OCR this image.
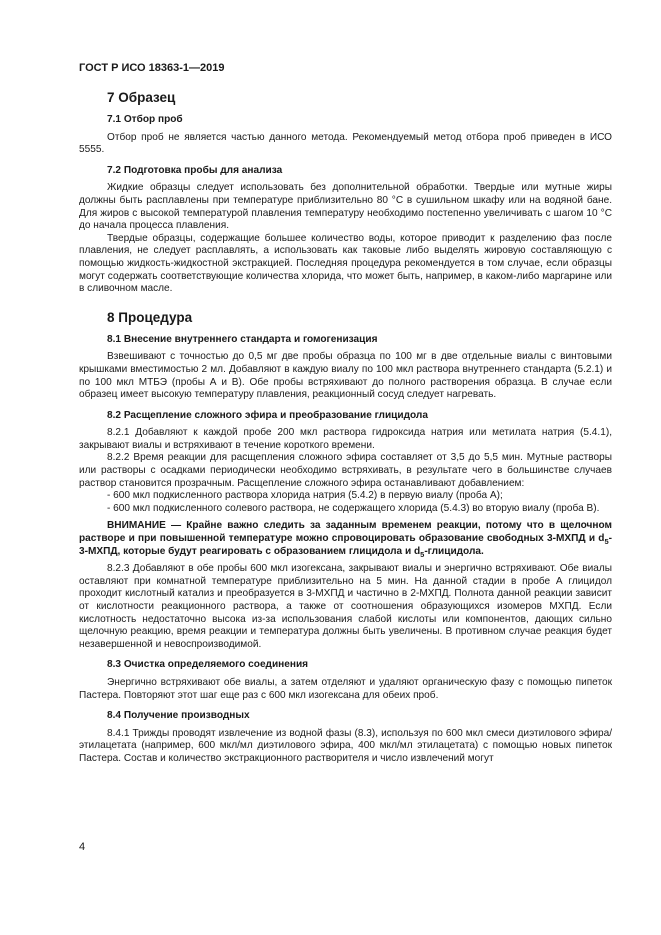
ГОСТ Р ИСО 18363-1—2019
7 Образец
7.1 Отбор проб

Отбор проб не является частью данного метода. Рекомендуемый метод отбора проб приведен в ИСО 5555.

7.2 Подготовка пробы для анализа

Жидкие образцы следует использовать без дополнительной обработки. Твердые или мутные жиры должны быть расплавлены при температуре приблизительно 80 °С в сушильном шкафу или на водяной бане. Для жиров с высокой температурой плавления температуру необходимо постепенно увеличивать с шагом 10 °С до начала процесса плавления.

Твердые образцы, содержащие большее количество воды, которое приводит к разделению фаз после плавления, не следует расплавлять, а использовать как таковые либо выделять жировую составляющую с помощью жидкость-жидкостной экстракцией. Последняя процедура рекомендуется в том случае, если образцы могут содержать соответствующие количества хлорида, что может быть, например, в каком-либо маргарине или в сливочном масле.

8 Процедура
8.1 Внесение внутреннего стандарта и гомогенизация

Взвешивают с точностью до 0,5 мг две пробы образца по 100 мг в две отдельные виалы с винтовыми крышками вместимостью 2 мл. Добавляют в каждую виалу по 100 мкл раствора внутреннего стандарта (5.2.1) и по 100 мкл МТБЭ (пробы А и В). Обе пробы встряхивают до полного растворения образца. В случае если образец имеет высокую температуру плавления, реакционный сосуд следует нагревать.

8.2 Расщепление сложного эфира и преобразование глицидола

8.2.1 Добавляют к каждой пробе 200 мкл раствора гидроксида натрия или метилата натрия (5.4.1), закрывают виалы и встряхивают в течение короткого времени.

8.2.2 Время реакции для расщепления сложного эфира составляет от 3,5 до 5,5 мин. Мутные растворы или растворы с осадками периодически необходимо встряхивать, в результате чего в большинстве случаев раствор становится прозрачным. Расщепление сложного эфира останавливают добавлением:

- 600 мкл подкисленного раствора хлорида натрия (5.4.2) в первую виалу (проба А);

- 600 мкл подкисленного солевого раствора, не содержащего хлорида (5.4.3) во вторую виалу (проба В).

ВНИМАНИЕ — Крайне важно следить за заданным временем реакции, потому что в щелочном растворе и при повышенной температуре можно спровоцировать образование свободных 3-МХПД и $d_5-3$-МХПД, которые будут реагировать с образованием глицидола и $d_5$-глицидола.

8.2.3 Добавляют в обе пробы 600 мкл изогексана, закрывают виалы и энергично встряхивают. Обе виалы оставляют при комнатной температуре приблизительно на 5 мин. На данной стадии в пробе А глицидол проходит кислотный катализ и преобразуется в 3-МХПД и частично в 2-МХПД. Полнота данной реакции зависит от кислотности реакционного раствора, а также от соотношения образующихся изомеров МХПД. Если кислотность недостаточно высока из-за использования слабой кислоты или компонентов, дающих сильно щелочную реакцию, время реакции и температура должны быть увеличены. В противном случае реакция будет незавершенной и невоспроизводимой.

8.3 Очистка определяемого соединения

Энергично встряхивают обе виалы, а затем отделяют и удаляют органическую фазу с помощью пипеток Пастера. Повторяют этот шаг еще раз с 600 мкл изогексана для обеих проб.

8.4 Получение производных

8.4.1 Трижды проводят извлечение из водной фазы (8.3), используя по 600 мкл смеси диэтилового эфира/этилацетата (например, 600 мкл/мл диэтилового эфира, 400 мкл/мл этилацетата) с помощью новых пипеток Пастера. Состав и количество экстракционного растворителя и число извлечений могут

4
